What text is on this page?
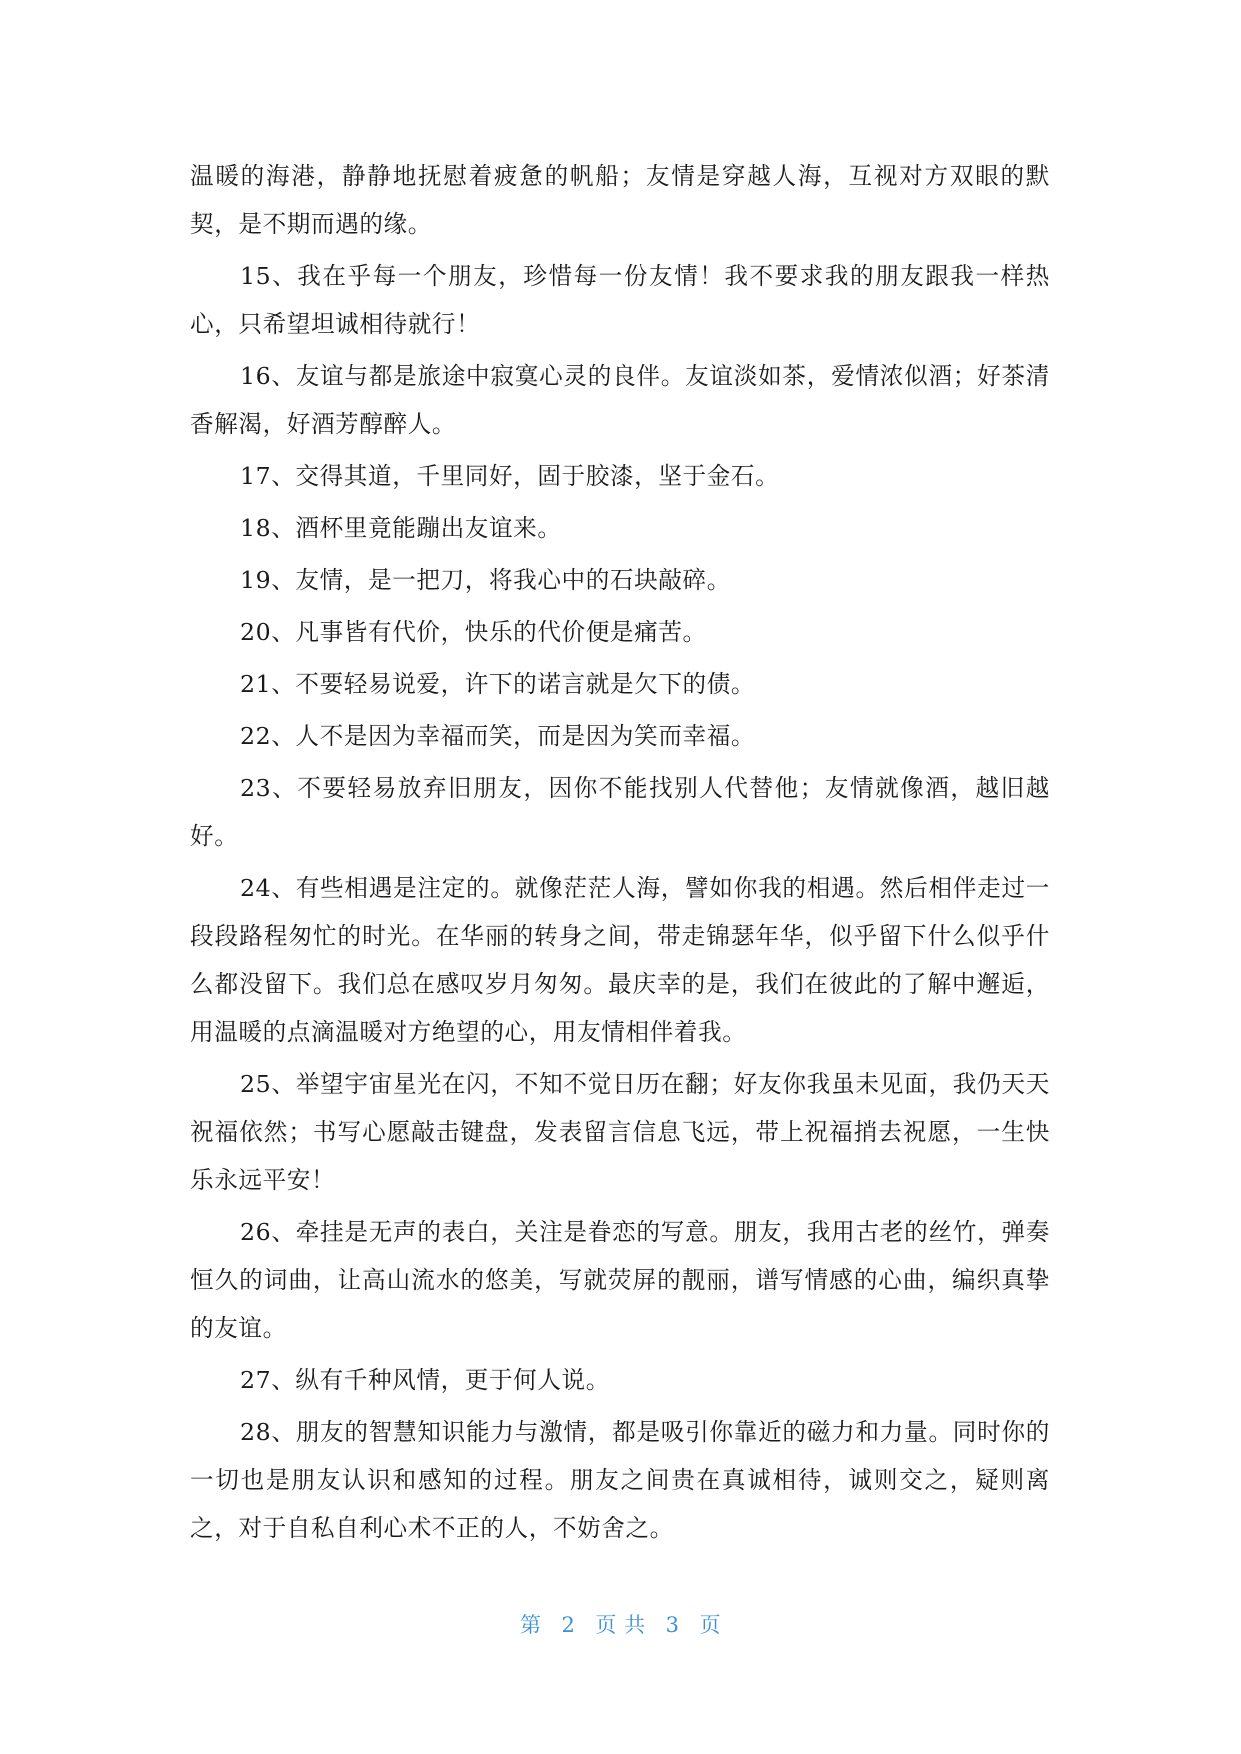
温暖的海港，静静地抚慰着疲惫的帆船；友情是穿越人海，互视对方双眼的默契，是不期而遇的缘。

15、我在乎每一个朋友，珍惜每一份友情！我不要求我的朋友跟我一样热心，只希望坦诚相待就行！

16、友谊与都是旅途中寂寞心灵的良伴。友谊淡如茶，爱情浓似酒；好茶清香解渴，好酒芳醇醉人。

17、交得其道，千里同好，固于胶漆，坚于金石。

18、酒杯里竟能蹦出友谊来。

19、友情，是一把刀，将我心中的石块敲碎。

20、凡事皆有代价，快乐的代价便是痛苦。

21、不要轻易说爱，许下的诺言就是欠下的债。

22、人不是因为幸福而笑，而是因为笑而幸福。

23、不要轻易放弃旧朋友，因你不能找别人代替他；友情就像酒，越旧越好。

24、有些相遇是注定的。就像茫茫人海，譬如你我的相遇。然后相伴走过一段段路程匆忙的时光。在华丽的转身之间，带走锦瑟年华，似乎留下什么似乎什么都没留下。我们总在感叹岁月匆匆。最庆幸的是，我们在彼此的了解中邂逅，用温暖的点滴温暖对方绝望的心，用友情相伴着我。

25、举望宇宙星光在闪，不知不觉日历在翻；好友你我虽未见面，我仍天天祝福依然；书写心愿敲击键盘，发表留言信息飞远，带上祝福捎去祝愿，一生快乐永远平安！

26、牵挂是无声的表白，关注是眷恋的写意。朋友，我用古老的丝竹，弹奏恒久的词曲，让高山流水的悠美，写就荧屏的靓丽，谱写情感的心曲，编织真挚的友谊。

27、纵有千种风情，更于何人说。

28、朋友的智慧知识能力与激情，都是吸引你靠近的磁力和力量。同时你的一切也是朋友认识和感知的过程。朋友之间贵在真诚相待，诚则交之，疑则离之，对于自私自利心术不正的人，不妨舍之。

第 2 页 共 3 页
